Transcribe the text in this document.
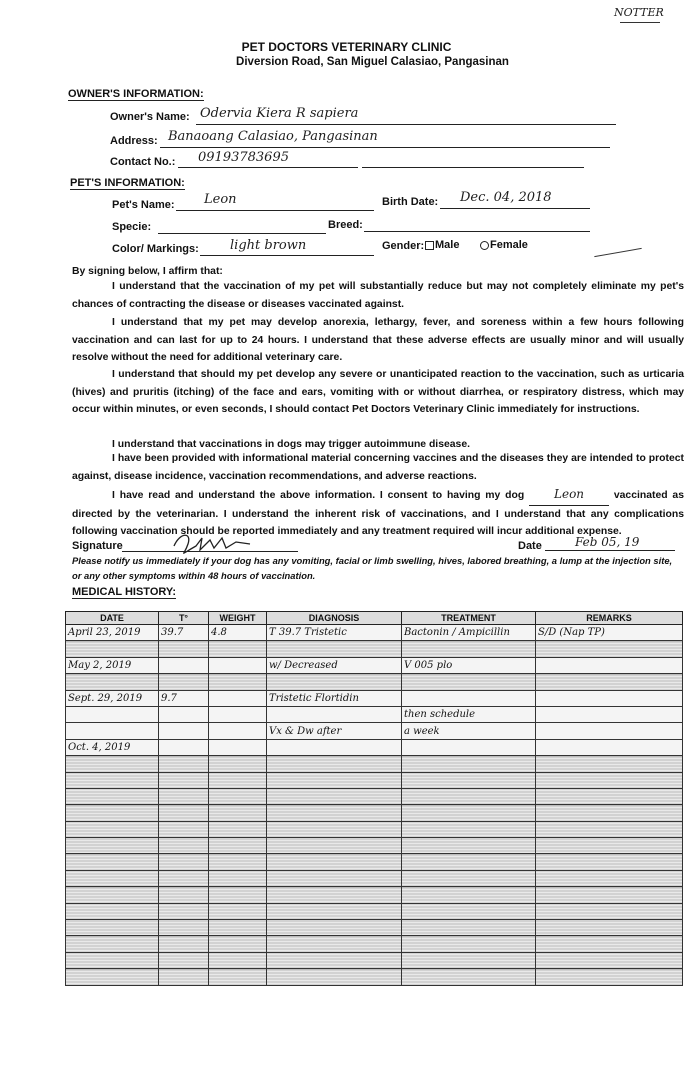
NOTTER
PET DOCTORS VETERINARY CLINIC
Diversion Road, San Miguel Calasiao, Pangasinan
OWNER'S INFORMATION:
Owner's Name: Odervia Kiera R sapiera
Address: Banaoang Calasiao, Pangasinan
Contact No.:	09193783695
PET'S INFORMATION:
Pet's Name:	Leon	Birth Date:	Dec. 04, 2018
Specie:	Breed:
Color/ Markings:	light brown	Gender: Male	Female
By signing below, I affirm that:
I understand that the vaccination of my pet will substantially reduce but may not completely eliminate my pet's chances of contracting the disease or diseases vaccinated against.
I understand that my pet may develop anorexia, lethargy, fever, and soreness within a few hours following vaccination and can last for up to 24 hours. I understand that these adverse effects are usually minor and will usually resolve without the need for additional veterinary care.
I understand that should my pet develop any severe or unanticipated reaction to the vaccination, such as urticaria (hives) and pruritis (itching) of the face and ears, vomiting with or without diarrhea, or respiratory distress, which may occur within minutes, or even seconds, I should contact Pet Doctors Veterinary Clinic immediately for instructions.
I understand that vaccinations in dogs may trigger autoimmune disease.
I have been provided with informational material concerning vaccines and the diseases they are intended to protect against, disease incidence, vaccination recommendations, and adverse reactions.
I have read and understand the above information. I consent to having my dog Leon	vaccinated as directed by the veterinarian. I understand the inherent risk of vaccinations, and I understand that any complications following vaccination should be reported immediately and any treatment required will incur additional expense.
Signature	Date	Feb 05, 19
Please notify us immediately if your dog has any vomiting, facial or limb swelling, hives, labored breathing, a lump at the injection site, or any other symptoms within 48 hours of vaccination.
MEDICAL HISTORY:
DATE	T°	WEIGHT	DIAGNOSIS	TREATMENT	REMARKS
April 23, 2019	39.7	4.8	T 39.7 Tristetic	Bactonin / Ampicillin	S/D (Nap TP)

May 2, 2019			w/ Decreased	V 005 plo	

Sept. 29, 2019	9.7		Tristetic Flortidin		
				then schedule	
			Vx & Dw after	a week	
Oct. 4, 2019					
